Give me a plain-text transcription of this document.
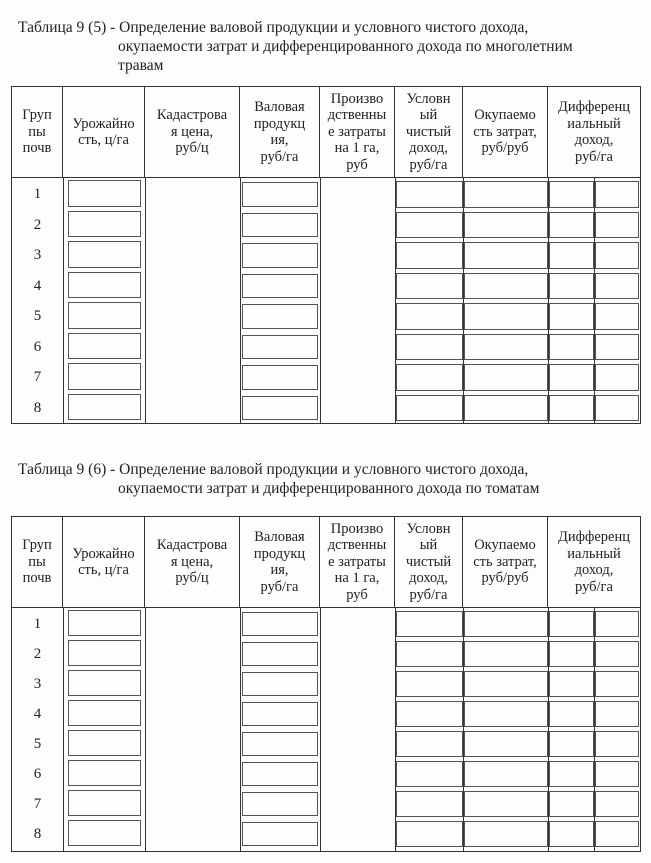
Таблица 9 (5) - Определение валовой продукции и условного чистого дохода,
окупаемости затрат и дифференцированного дохода по многолетним
травам
Груп
пы
почв
Урожайно
сть, ц/га
Кадастрова
я цена,
руб/ц
Валовая
продукц
ия,
руб/га
Произво
дственны
е затраты
на 1 га,
руб
Условн
ый
чистый
доход,
руб/га
Окупаемо
сть затрат,
руб/руб
Дифференц
иальный
доход,
руб/га
1
2
3
4
5
6
7
8
Таблица 9 (6) - Определение валовой продукции и условного чистого дохода,
окупаемости затрат и дифференцированного дохода по томатам
Груп
пы
почв
Урожайно
сть, ц/га
Кадастрова
я цена,
руб/ц
Валовая
продукц
ия,
руб/га
Произво
дственны
е затраты
на 1 га,
руб
Условн
ый
чистый
доход,
руб/га
Окупаемо
сть затрат,
руб/руб
Дифференц
иальный
доход,
руб/га
1
2
3
4
5
6
7
8
